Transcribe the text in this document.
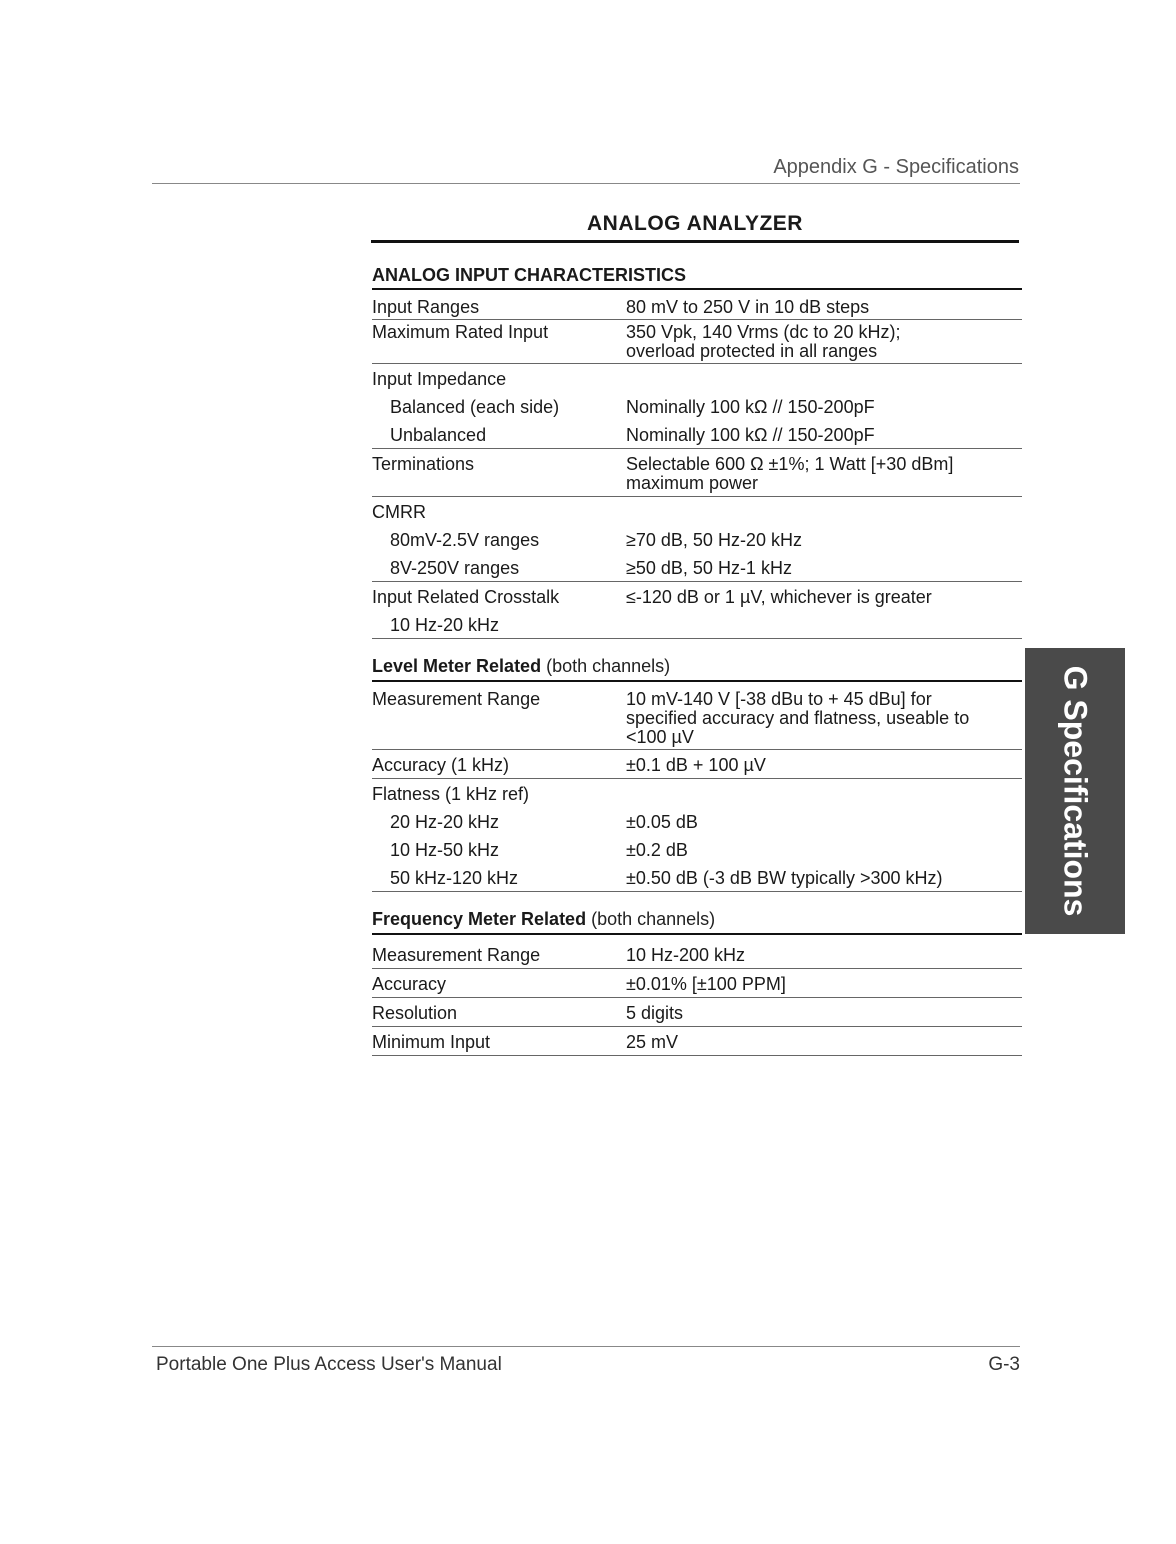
Appendix G - Specifications
ANALOG ANALYZER
ANALOG INPUT CHARACTERISTICS
Input Ranges	80 mV to 250 V in 10 dB steps
Maximum Rated Input	350 Vpk, 140 Vrms (dc to 20 kHz);
overload protected in all ranges
Input Impedance
Balanced (each side)	Nominally 100 kΩ // 150-200pF
Unbalanced	Nominally 100 kΩ // 150-200pF
Terminations	Selectable 600 Ω ±1%; 1 Watt [+30 dBm]
maximum power
CMRR
80mV-2.5V ranges	≥70 dB, 50 Hz-20 kHz
8V-250V ranges	≥50 dB, 50 Hz-1 kHz
Input Related Crosstalk	≤-120 dB or 1 µV, whichever is greater
10 Hz-20 kHz
Level Meter Related (both channels)
Measurement Range	10 mV-140 V [-38 dBu to + 45 dBu] for
specified accuracy and flatness, useable to
<100 µV
Accuracy (1 kHz)	±0.1 dB + 100 µV
Flatness (1 kHz ref)
20 Hz-20 kHz	±0.05 dB
10 Hz-50 kHz	±0.2 dB
50 kHz-120 kHz	±0.50 dB (-3 dB BW typically >300 kHz)
Frequency Meter Related (both channels)
Measurement Range	10 Hz-200 kHz
Accuracy	±0.01% [±100 PPM]
Resolution	5 digits
Minimum Input	25 mV
G Specifications
Portable One Plus Access User's Manual	G-3
